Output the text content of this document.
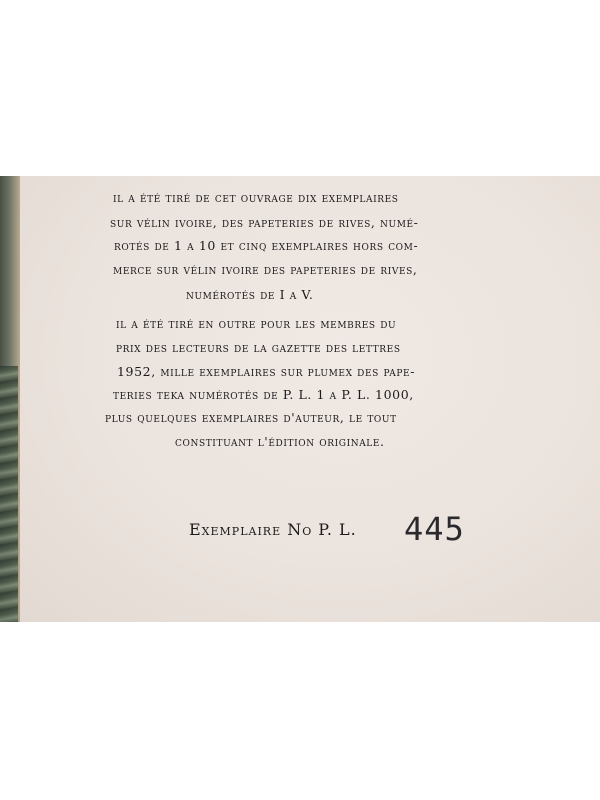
il a été tiré de cet ouvrage dix exemplaires
sur vélin ivoire, des papeteries de rives, numé-
rotés de 1 a 10 et cinq exemplaires hors com-
merce sur vélin ivoire des papeteries de rives,
numérotés de I a V.
il a été tiré en outre pour les membres du
prix des lecteurs de la gazette des lettres
1952, mille exemplaires sur plumex des pape-
teries teka numérotés de P. L. 1 a P. L. 1000,
plus quelques exemplaires d'auteur, le tout
constituant l'édition originale.
Exemplaire No P. L. 445
